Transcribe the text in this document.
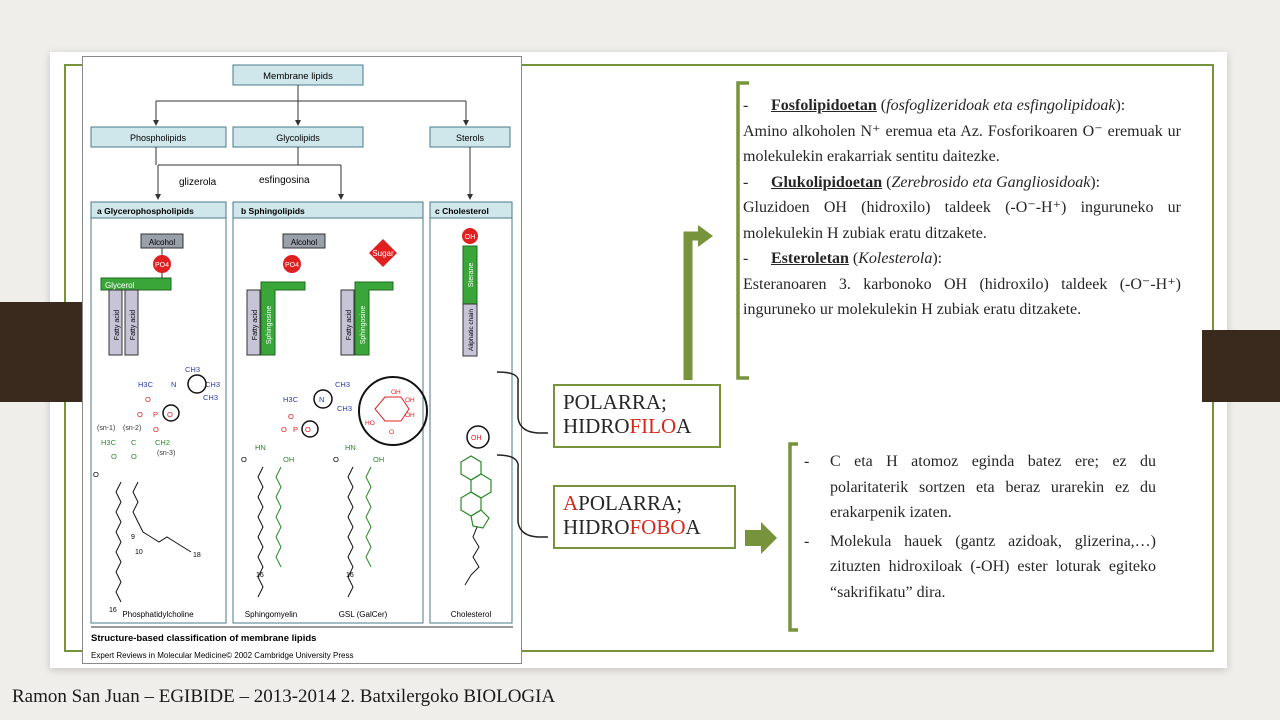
Membrane lipids
Phospholipids	Glycolipids	Sterols
glizerola	esfingosina
a Glycerophospholipids	b Sphingolipids	c Cholesterol
Alcohol
PO4
Glycerol
Fatty acid Fatty acid
CH3
H3C N	CH3
CH3
O
O P O
O
(sn-1) (sn-2)
(sn-3)
H3C C CH2
O O
O
9
10	18
16 Phosphatidylcholine
Alcohol
PO4
Fatty acid Sphingosine
Sugar
Fatty acid Sphingosine
CH3
H3C	N
CH3
O
O P O
HN
OH
HN
OH
O	O
16	16
Sphingomyelin	GSL (GalCer)
OH
OH
OH
HO
O
OH
Sterane
Aliphatic chain
OH
Cholesterol
Structure-based classification of membrane lipids
Expert Reviews in Molecular Medicine© 2002 Cambridge University Press
POLARRA;
HIDROFILOA
APOLARRA;
HIDROFOBOA

- Fosfolipidoetan (fosfoglizeridoak eta esfingolipidoak):

Amino alkoholen N⁺ eremua eta Az. Fosforikoaren O⁻ eremuak ur molekulekin erakarriak sentitu daitezke.

- Glukolipidoetan (Zerebrosido eta Gangliosidoak):

Gluzidoen OH (hidroxilo) taldeek (-O⁻-H⁺) inguruneko ur molekulekin H zubiak eratu ditzakete.

- Esteroletan (Kolesterola):

Esteranoaren 3. karbonoko OH (hidroxilo) taldeek (-O⁻-H⁺) inguruneko ur molekulekin H zubiak eratu ditzakete.

- C eta H atomoz eginda batez ere; ez du polaritaterik sortzen eta beraz urarekin ez du erakarpenik izaten.
- Molekula hauek (gantz azidoak, glizerina,…) zituzten hidroxiloak (-OH) ester loturak egiteko “sakrifikatu” dira.
Ramon San Juan – EGIBIDE – 2013-2014 2. Batxilergoko BIOLOGIA
